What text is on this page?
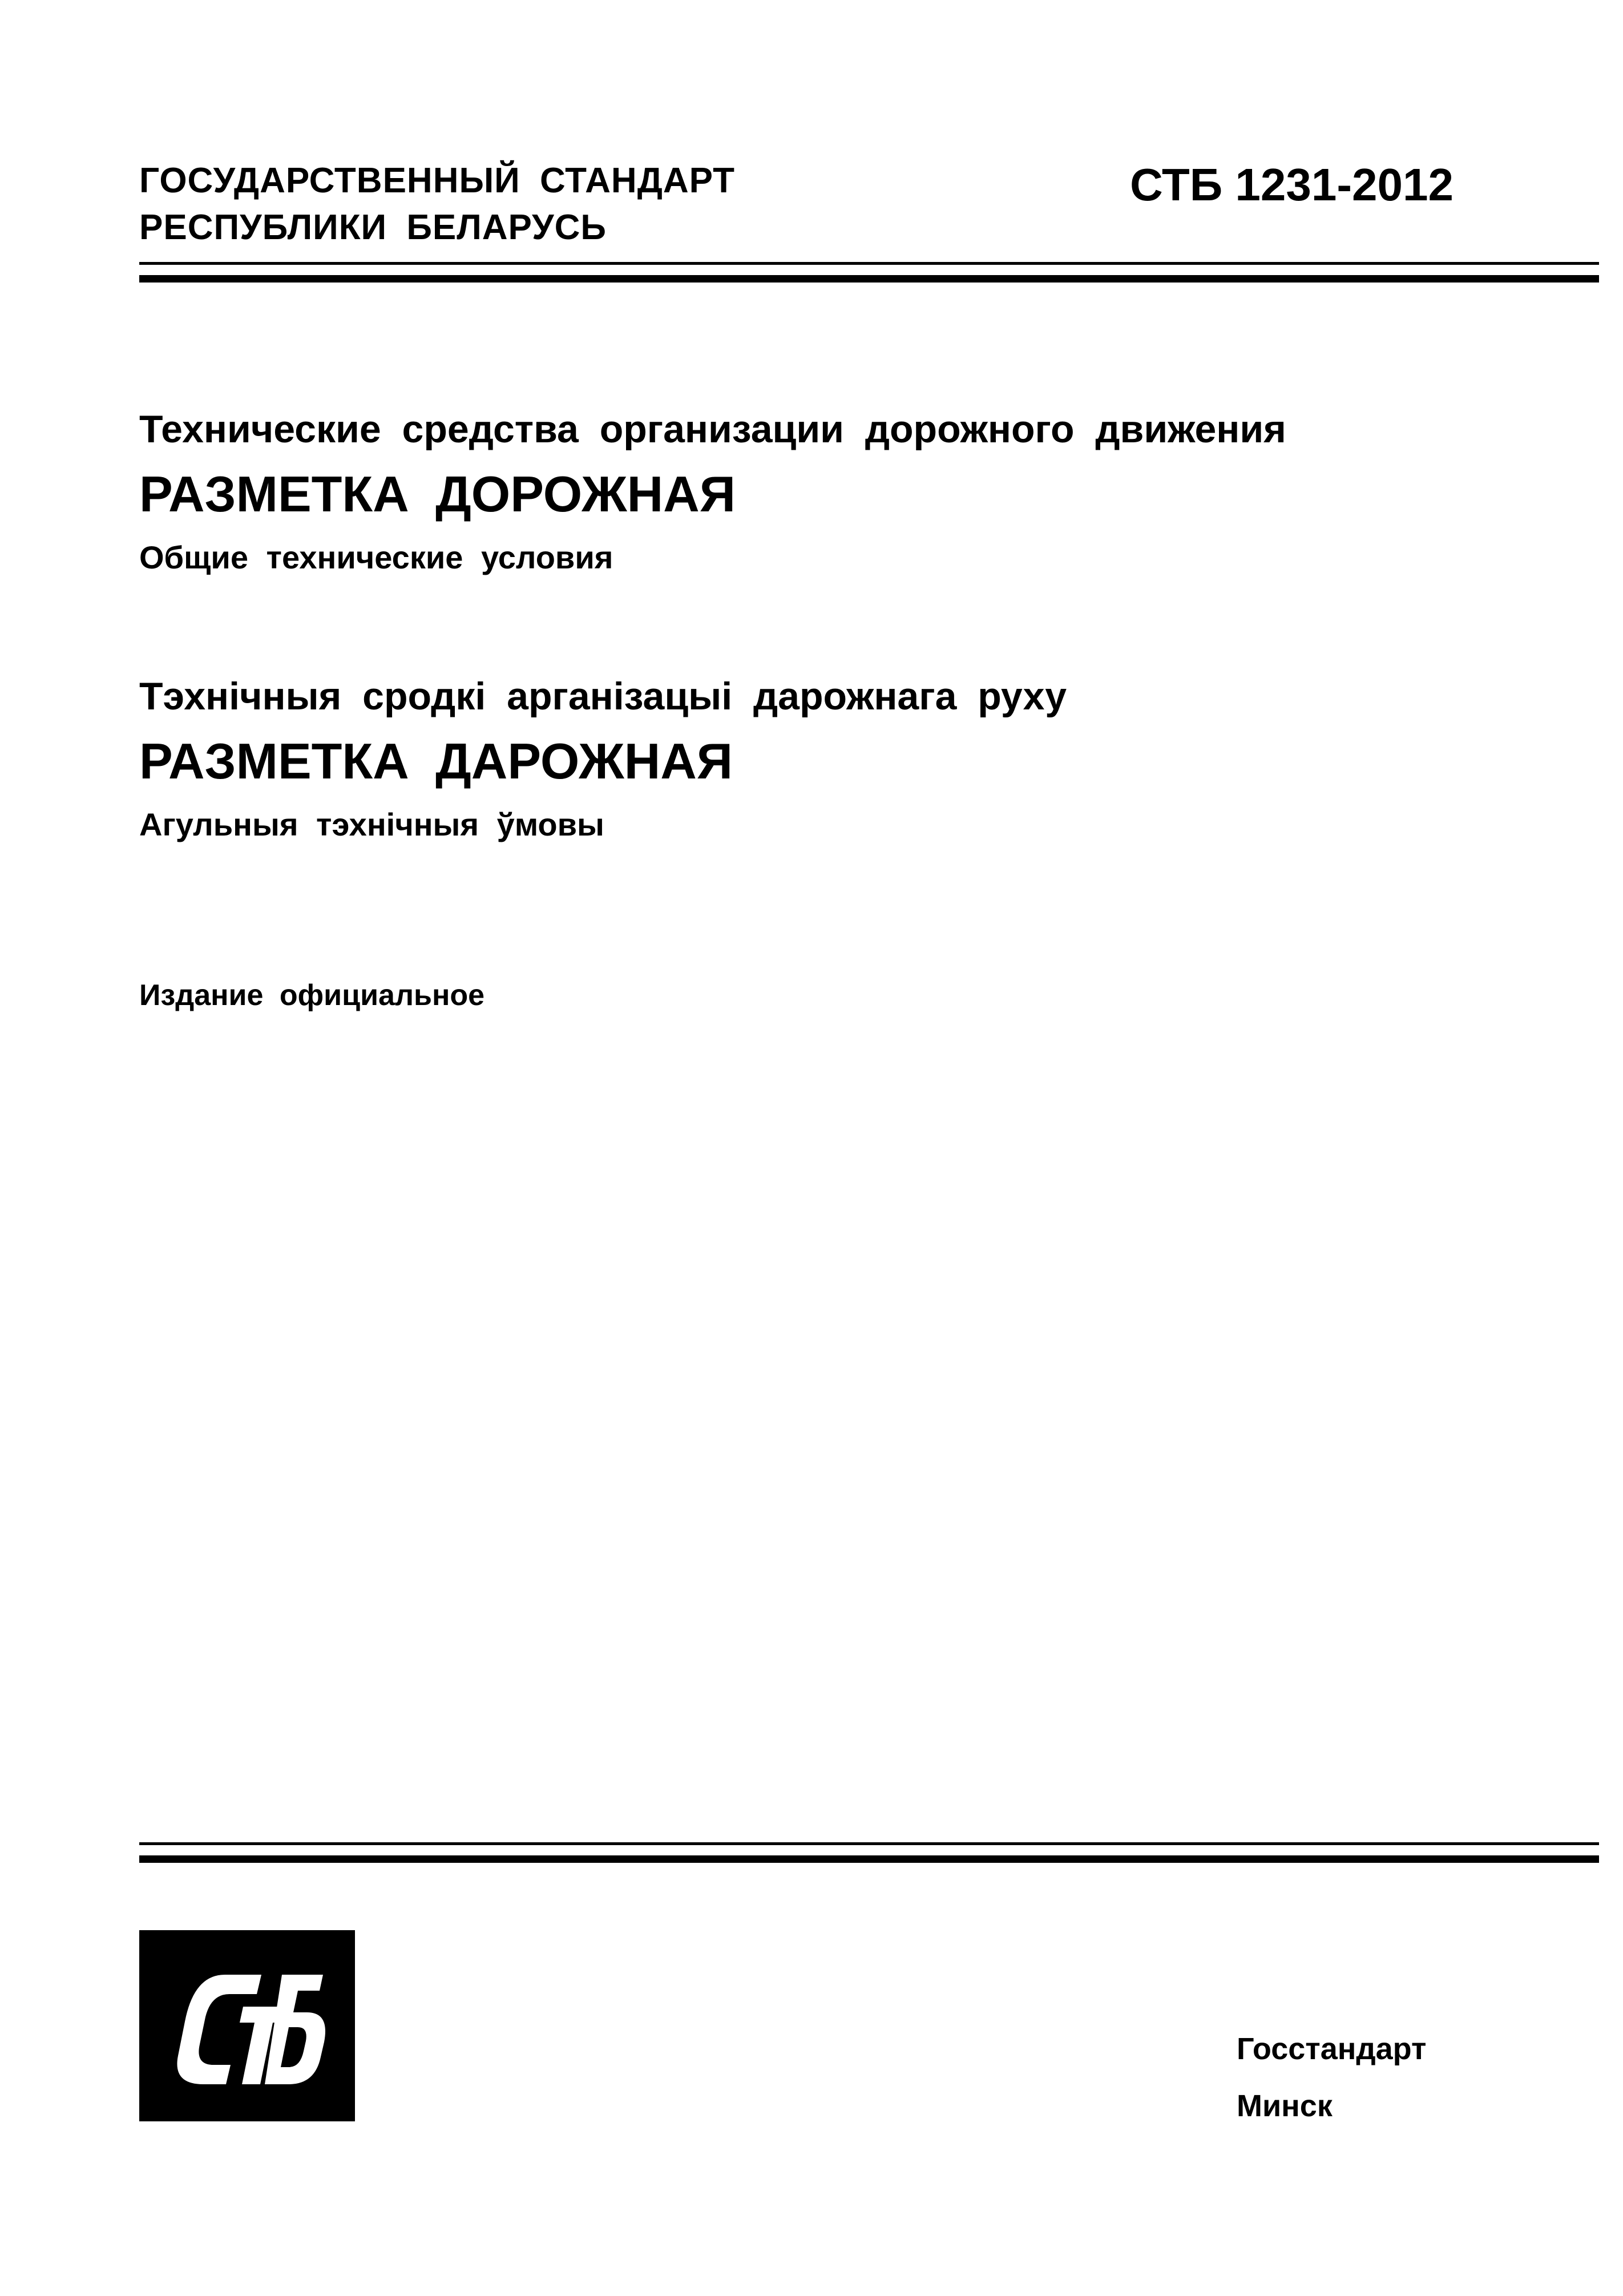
ГОСУДАРСТВЕННЫЙ СТАНДАРТ
РЕСПУБЛИКИ БЕЛАРУСЬ
СТБ 1231-2012
Технические средства организации дорожного движения
РАЗМЕТКА ДОРОЖНАЯ
Общие технические условия
Тэхнічныя сродкі арганізацыі дарожнага руху
РАЗМЕТКА ДАРОЖНАЯ
Агульныя тэхнічныя ўмовы
Издание официальное
Госстандарт
Минск
